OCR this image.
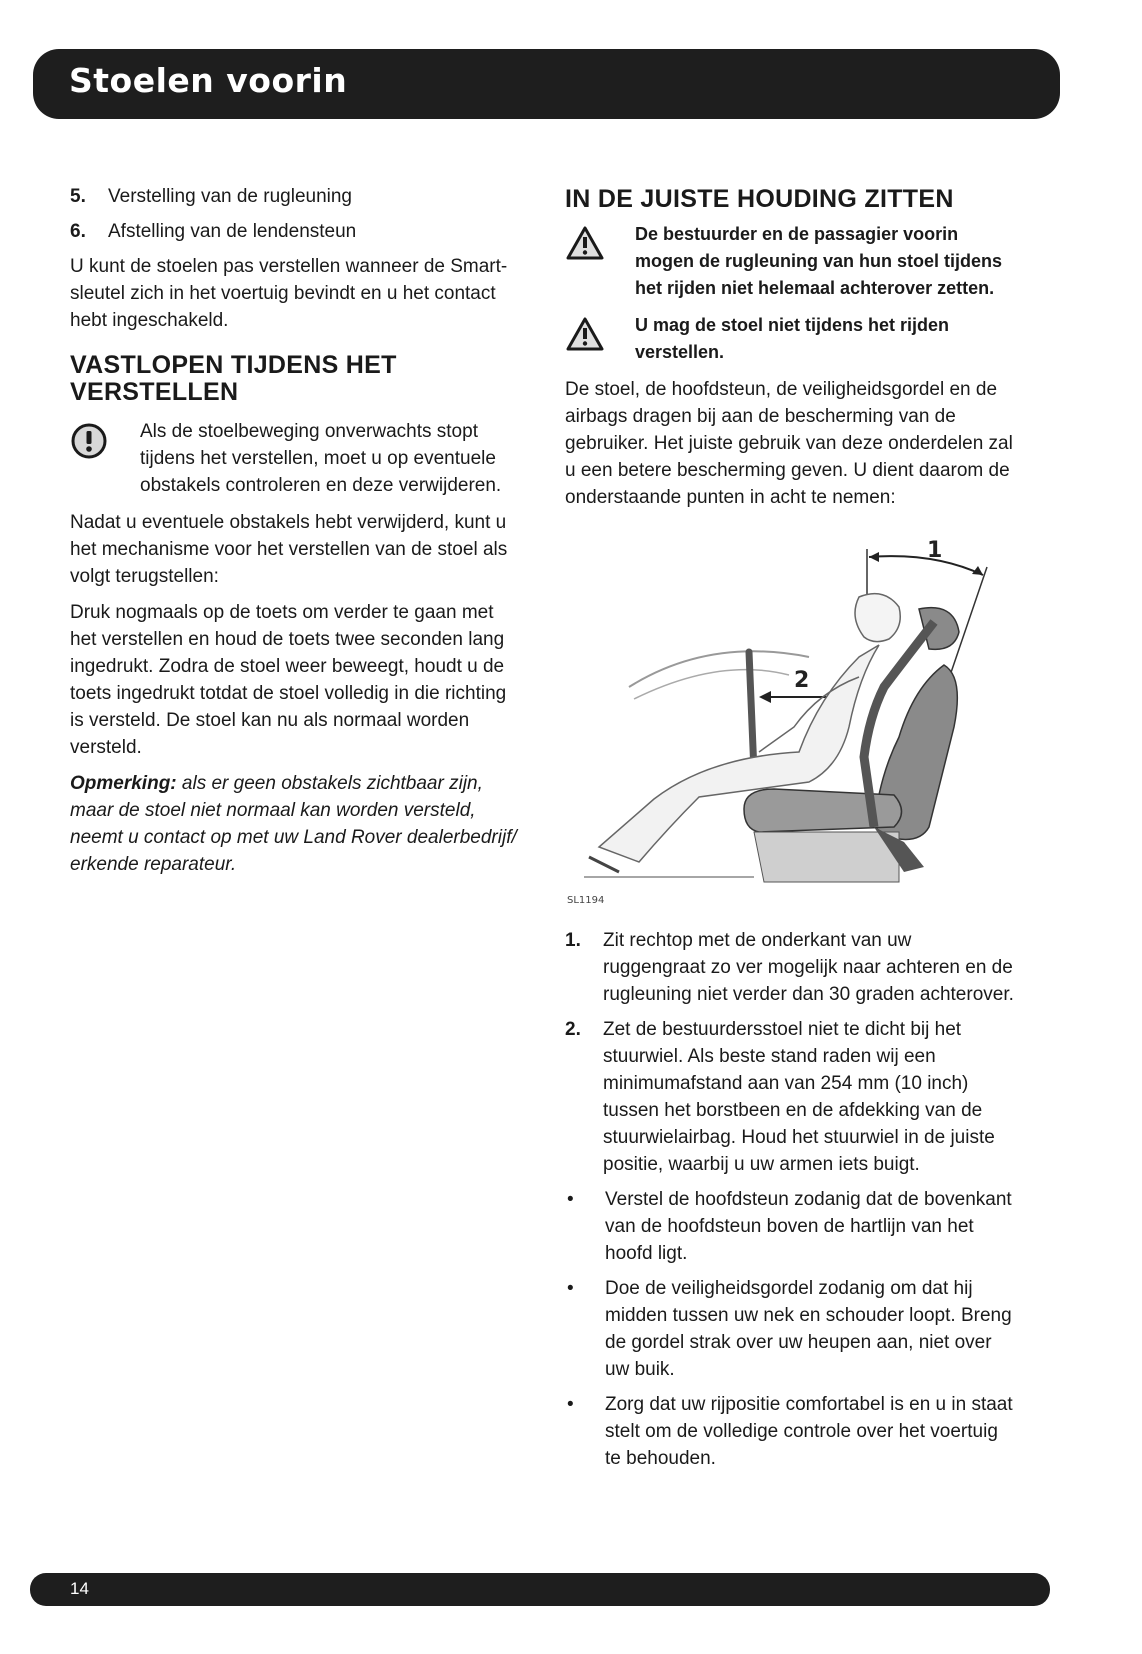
Stoelen voorin
5.	Verstelling van de rugleuning
6.	Afstelling van de lendensteun

U kunt de stoelen pas verstellen wanneer de Smart-sleutel zich in het voertuig bevindt en u het contact hebt ingeschakeld.

VASTLOPEN TIJDENS HET VERSTELLEN
Als de stoelbeweging onverwachts stopt tijdens het verstellen, moet u op eventuele obstakels controleren en deze verwijderen.

Nadat u eventuele obstakels hebt verwijderd, kunt u het mechanisme voor het verstellen van de stoel als volgt terugstellen:

Druk nogmaals op de toets om verder te gaan met het verstellen en houd de toets twee seconden lang ingedrukt. Zodra de stoel weer beweegt, houdt u de toets ingedrukt totdat de stoel volledig in die richting is versteld. De stoel kan nu als normaal worden versteld.

Opmerking: als er geen obstakels zichtbaar zijn, maar de stoel niet normaal kan worden versteld, neemt u contact op met uw Land Rover dealerbedrijf/ erkende reparateur.

IN DE JUISTE HOUDING ZITTEN
De bestuurder en de passagier voorin mogen de rugleuning van hun stoel tijdens het rijden niet helemaal achterover zetten.
U mag de stoel niet tijdens het rijden verstellen.

De stoel, de hoofdsteun, de veiligheidsgordel en de airbags dragen bij aan de bescherming van de gebruiker. Het juiste gebruik van deze onderdelen zal u een betere bescherming geven. U dient daarom de onderstaande punten in acht te nemen:

1
2
SL1194
1.	Zit rechtop met de onderkant van uw ruggengraat zo ver mogelijk naar achteren en de rugleuning niet verder dan 30 graden achterover.
2.	Zet de bestuurdersstoel niet te dicht bij het stuurwiel. Als beste stand raden wij een minimumafstand aan van 254 mm (10 inch) tussen het borstbeen en de afdekking van de stuurwielairbag. Houd het stuurwiel in de juiste positie, waarbij u uw armen iets buigt.
•	Verstel de hoofdsteun zodanig dat de bovenkant van de hoofdsteun boven de hartlijn van het hoofd ligt.
•	Doe de veiligheidsgordel zodanig om dat hij midden tussen uw nek en schouder loopt. Breng de gordel strak over uw heupen aan, niet over uw buik.
•	Zorg dat uw rijpositie comfortabel is en u in staat stelt om de volledige controle over het voertuig te behouden.
14
